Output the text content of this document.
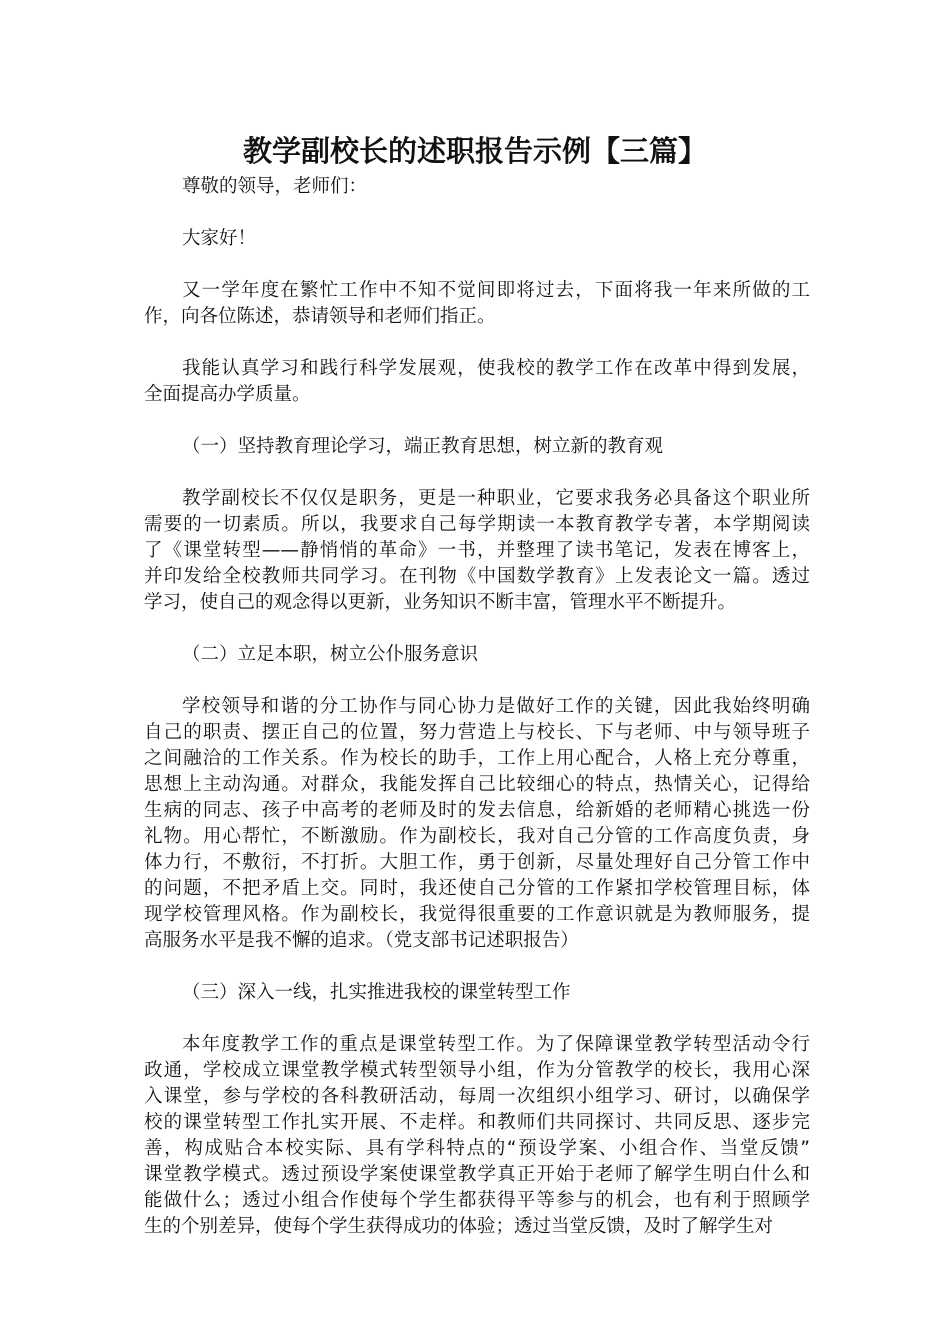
教学副校长的述职报告示例【三篇】
尊敬的领导，老师们：
大家好！
又一学年度在繁忙工作中不知不觉间即将过去，下面将我一年来所做的工
作，向各位陈述，恭请领导和老师们指正。
我能认真学习和践行科学发展观，使我校的教学工作在改革中得到发展，
全面提高办学质量。
（一）坚持教育理论学习，端正教育思想，树立新的教育观
教学副校长不仅仅是职务，更是一种职业，它要求我务必具备这个职业所
需要的一切素质。所以，我要求自己每学期读一本教育教学专著，本学期阅读
了《课堂转型——静悄悄的革命》一书，并整理了读书笔记，发表在博客上，
并印发给全校教师共同学习。在刊物《中国数学教育》上发表论文一篇。透过
学习，使自己的观念得以更新，业务知识不断丰富，管理水平不断提升。
（二）立足本职，树立公仆服务意识
学校领导和谐的分工协作与同心协力是做好工作的关键，因此我始终明确
自己的职责、摆正自己的位置，努力营造上与校长、下与老师、中与领导班子
之间融洽的工作关系。作为校长的助手，工作上用心配合，人格上充分尊重，
思想上主动沟通。对群众，我能发挥自己比较细心的特点，热情关心，记得给
生病的同志、孩子中高考的老师及时的发去信息，给新婚的老师精心挑选一份
礼物。用心帮忙，不断激励。作为副校长，我对自己分管的工作高度负责，身
体力行，不敷衍，不打折。大胆工作，勇于创新，尽量处理好自己分管工作中
的问题，不把矛盾上交。同时，我还使自己分管的工作紧扣学校管理目标，体
现学校管理风格。作为副校长，我觉得很重要的工作意识就是为教师服务，提
高服务水平是我不懈的追求。（党支部书记述职报告）
（三）深入一线，扎实推进我校的课堂转型工作
本年度教学工作的重点是课堂转型工作。为了保障课堂教学转型活动令行
政通，学校成立课堂教学模式转型领导小组，作为分管教学的校长，我用心深
入课堂，参与学校的各科教研活动，每周一次组织小组学习、研讨，以确保学
校的课堂转型工作扎实开展、不走样。和教师们共同探讨、共同反思、逐步完
善，构成贴合本校实际、具有学科特点的“预设学案、小组合作、当堂反馈”
课堂教学模式。透过预设学案使课堂教学真正开始于老师了解学生明白什么和
能做什么；透过小组合作使每个学生都获得平等参与的机会，也有利于照顾学
生的个别差异，使每个学生获得成功的体验；透过当堂反馈，及时了解学生对
